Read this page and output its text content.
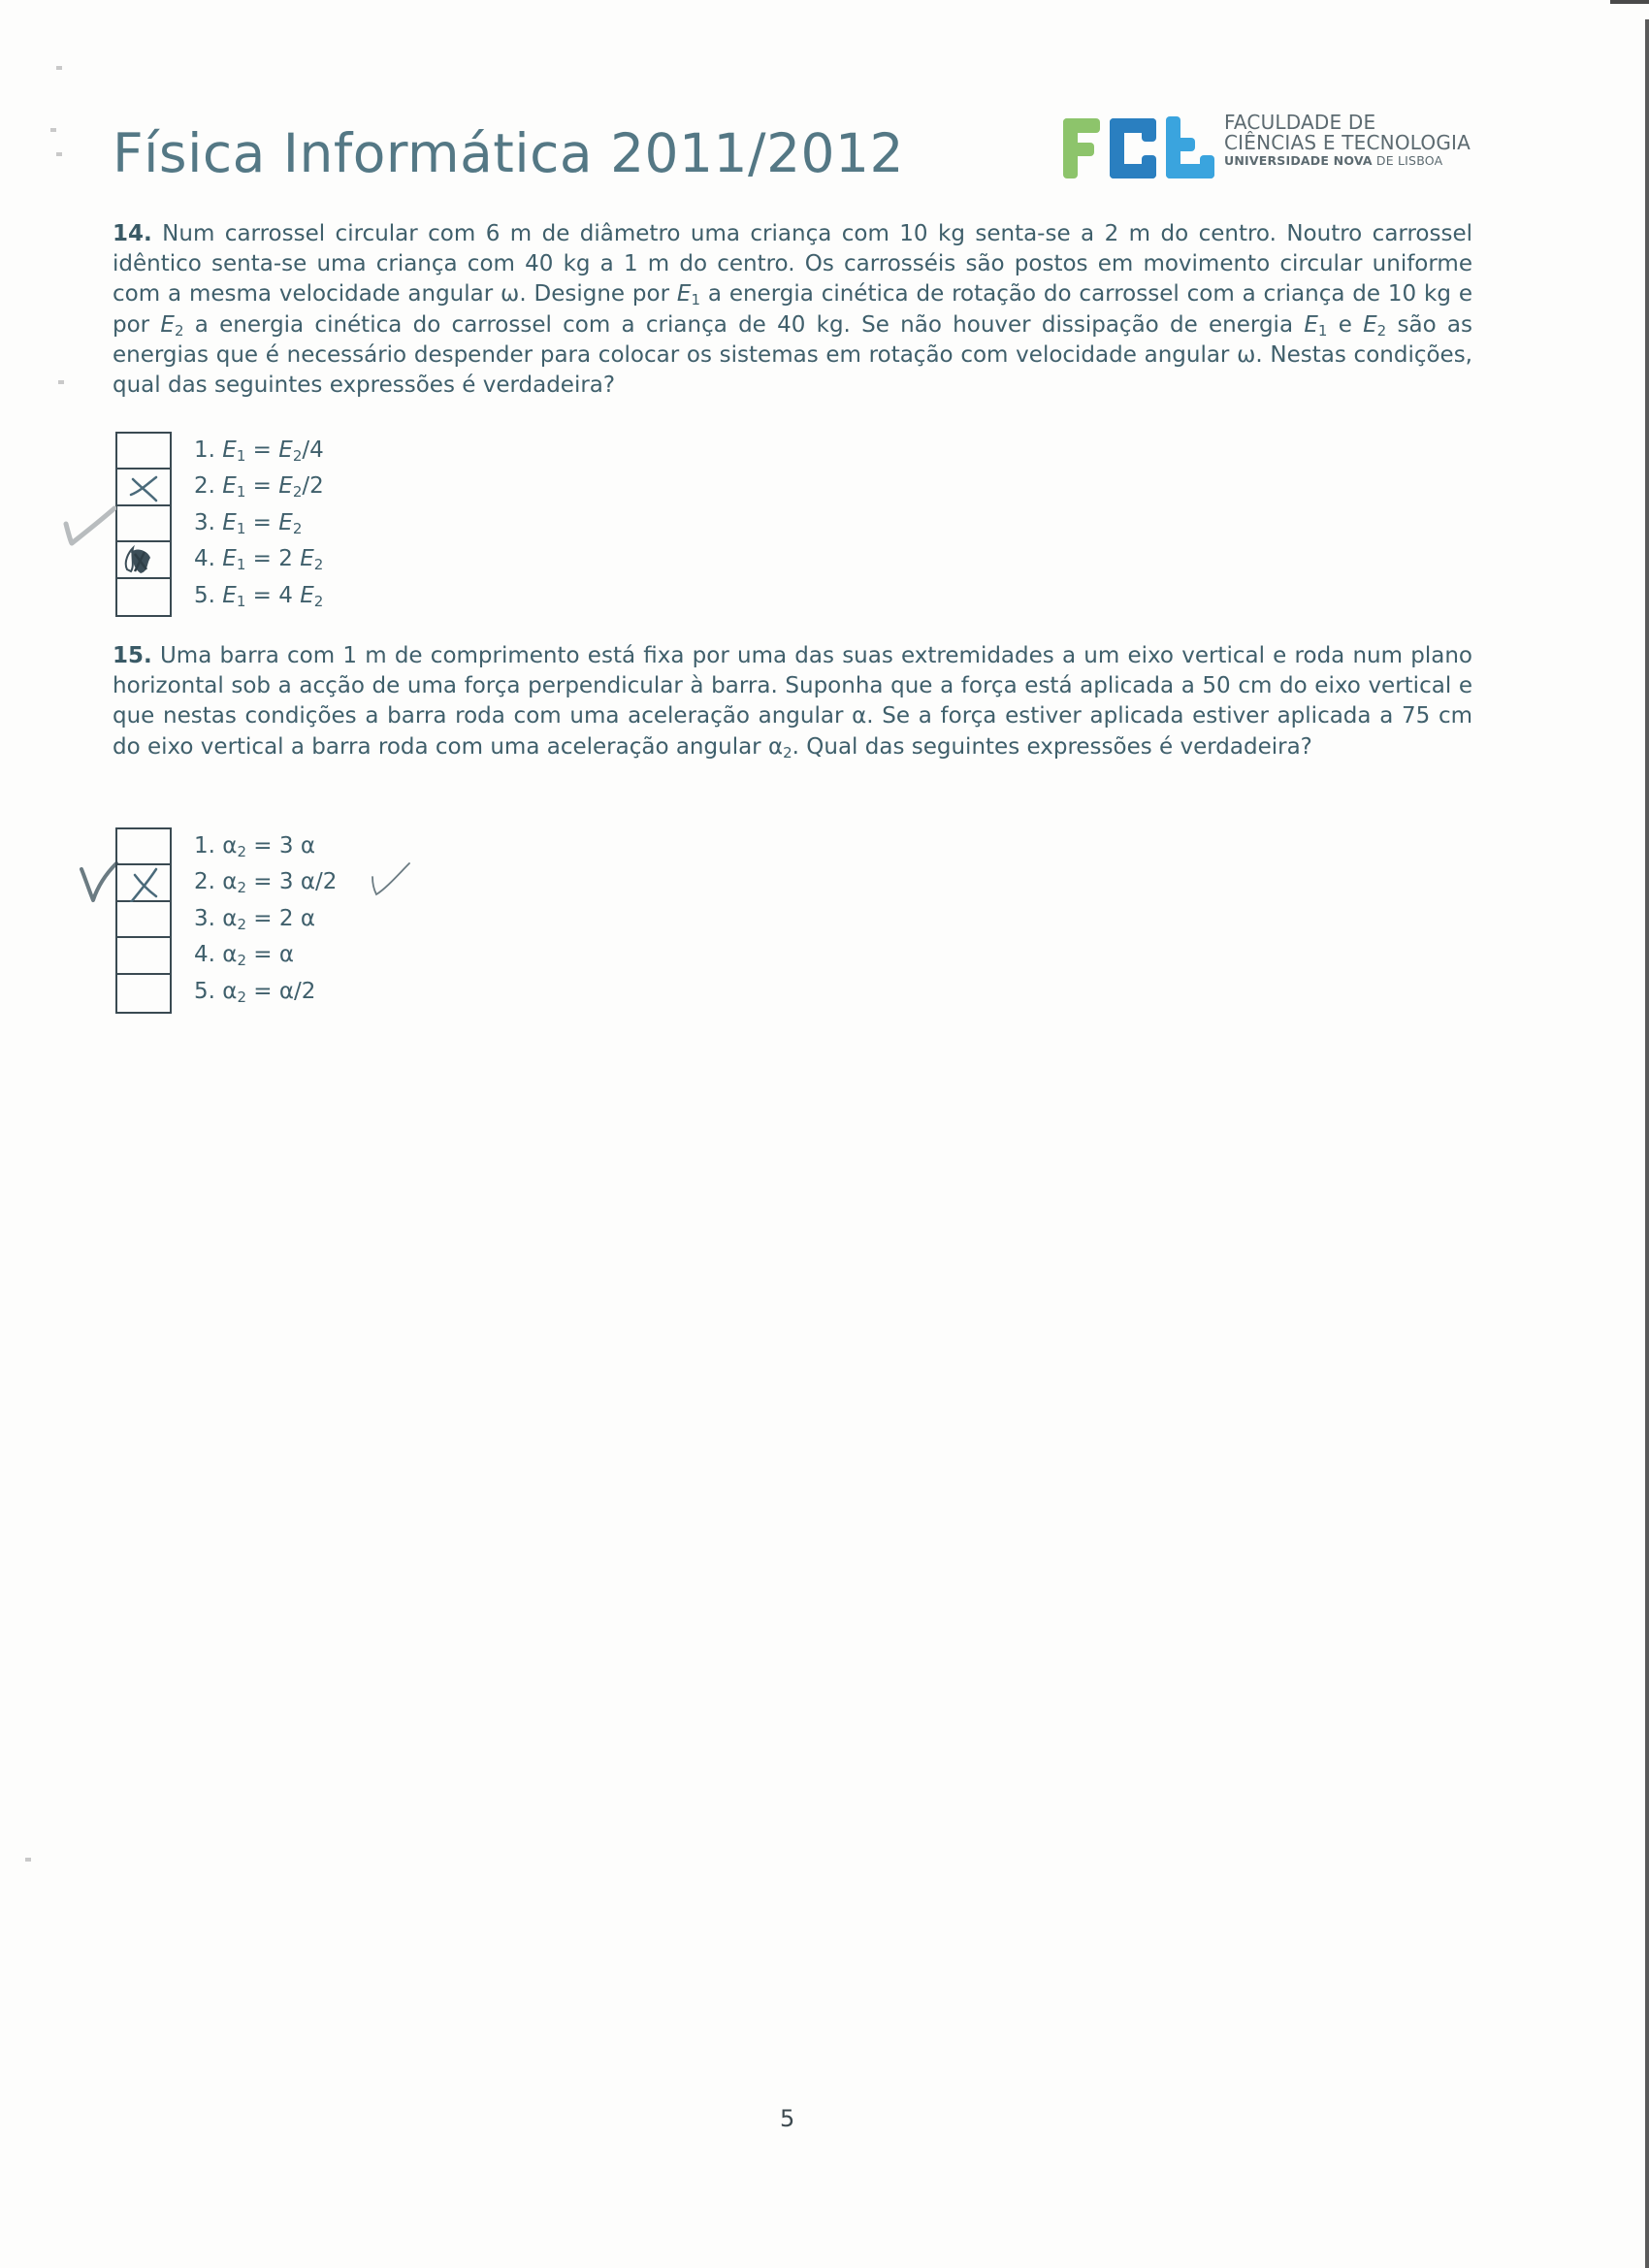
Física Informática 2011/2012	FACULDADE DE
CIÊNCIAS E TECNOLOGIA
UNIVERSIDADE NOVA DE LISBOA
14. Num carrossel circular com 6 m de diâmetro uma criança com 10 kg senta-se a 2 m do centro. Noutro carrossel idêntico senta-se uma criança com 40 kg a 1 m do centro. Os carrosséis são postos em movimento circular uniforme com a mesma velocidade angular ω. Designe por $E_1$ a energia cinética de rotação do carrossel com a criança de 10 kg e por $E_2$ a energia cinética do carrossel com a criança de 40 kg. Se não houver dissipação de energia $E_1$ e $E_2$ são as energias que é necessário despender para colocar os sistemas em rotação com velocidade angular ω. Nestas condições, qual das seguintes expressões é verdadeira?
1. $E_1 = E_2/4$
2. $E_1 = E_2/2$
3. $E_1 = E_2$
4. $E_1 = 2$ $E_2$
5. $E_1 = 4$ $E_2$
15. Uma barra com 1 m de comprimento está fixa por uma das suas extremidades a um eixo vertical e roda num plano horizontal sob a acção de uma força perpendicular à barra. Suponha que a força está aplicada a 50 cm do eixo vertical e que nestas condições a barra roda com uma aceleração angular α. Se a força estiver aplicada estiver aplicada a 75 cm do eixo vertical a barra roda com uma aceleração angular $\alpha_2$. Qual das seguintes expressões é verdadeira?
1. $\alpha_2 = 3$ α
2. $\alpha_2 = 3$ α/2
3. $\alpha_2 = 2$ α
4. $\alpha_2 = \alpha$
5. $\alpha_2 = \alpha/2$
5
